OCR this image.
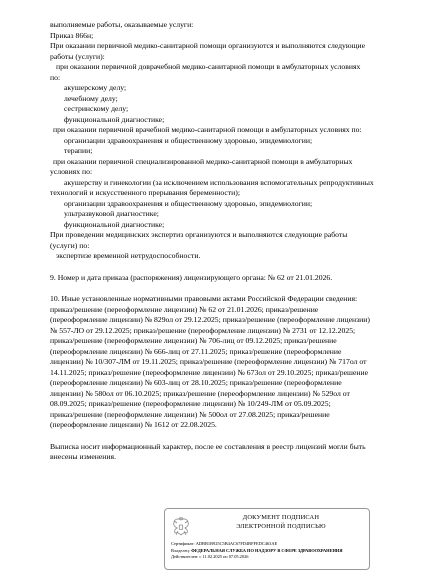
выполняемые работы, оказываемые услуги:
Приказ 866н;
При оказании первичной медико-санитарной помощи организуются и выполняются следующие
работы (услуги):
при оказании первичной доврачебной медико-санитарной помощи в амбулаторных условиях
по:
акушерскому делу;
лечебному делу;
сестринскому делу;
функциональной диагностике;
при оказании первичной врачебной медико-санитарной помощи в амбулаторных условиях по:
организации здравоохранения и общественному здоровью, эпидемиологии;
терапии;
при оказании первичной специализированной медико-санитарной помощи в амбулаторных
условиях по:
акушерству и гинекологии (за исключением использования вспомогательных репродуктивных
технологий и искусственного прерывания беременности);
организации здравоохранения и общественному здоровью, эпидемиологии;
ультразвуковой диагностике;
функциональной диагностике;
При проведении медицинских экспертиз организуются и выполняются следующие работы
(услуги) по:
экспертизе временной нетрудоспособности.
9. Номер и дата приказа (распоряжения) лицензирующего органа: № 62 от 21.01.2026.
10. Иные установленные нормативными правовыми актами Российской Федерации сведения:
приказ/решение (переоформление лицензии) № 62 от 21.01.2026; приказ/решение
(переоформление лицензии) № 829ол от 29.12.2025; приказ/решение (переоформление лицензии)
№ 557-ЛО от 29.12.2025; приказ/решение (переоформление лицензии) № 2731 от 12.12.2025;
приказ/решение (переоформление лицензии) № 706-лиц от 09.12.2025; приказ/решение
(переоформление лицензии) № 666-лиц от 27.11.2025; приказ/решение (переоформление
лицензии) № 10/307-ЛМ от 19.11.2025; приказ/решение (переоформление лицензии) № 717ол от
14.11.2025; приказ/решение (переоформление лицензии) № 673ол от 29.10.2025; приказ/решение
(переоформление лицензии) № 603-лиц от 28.10.2025; приказ/решение (переоформление
лицензии) № 580ол от 06.10.2025; приказ/решение (переоформление лицензии) № 529ол от
08.09.2025; приказ/решение (переоформление лицензии) № 10/249-ЛМ от 05.09.2025;
приказ/решение (переоформление лицензии) № 500ол от 27.08.2025; приказ/решение
(переоформление лицензии) № 1612 от 22.08.2025.
Выписка носит информационный характер, после ее составления в реестр лицензий могли быть
внесены изменения.
ДОКУМЕНТ ПОДПИСАН
ЭЛЕКТРОННОЙ ПОДПИСЬЮ
Сертификат: ADBB1B925C5B4AC67FD4BFFEDC463AE
Владелец: ФЕДЕРАЛЬНАЯ СЛУЖБА ПО НАДЗОРУ В СФЕРЕ ЗДРАВООХРАНЕНИЯ
Действителен: с 11.02.2025 по 07.05.2026
